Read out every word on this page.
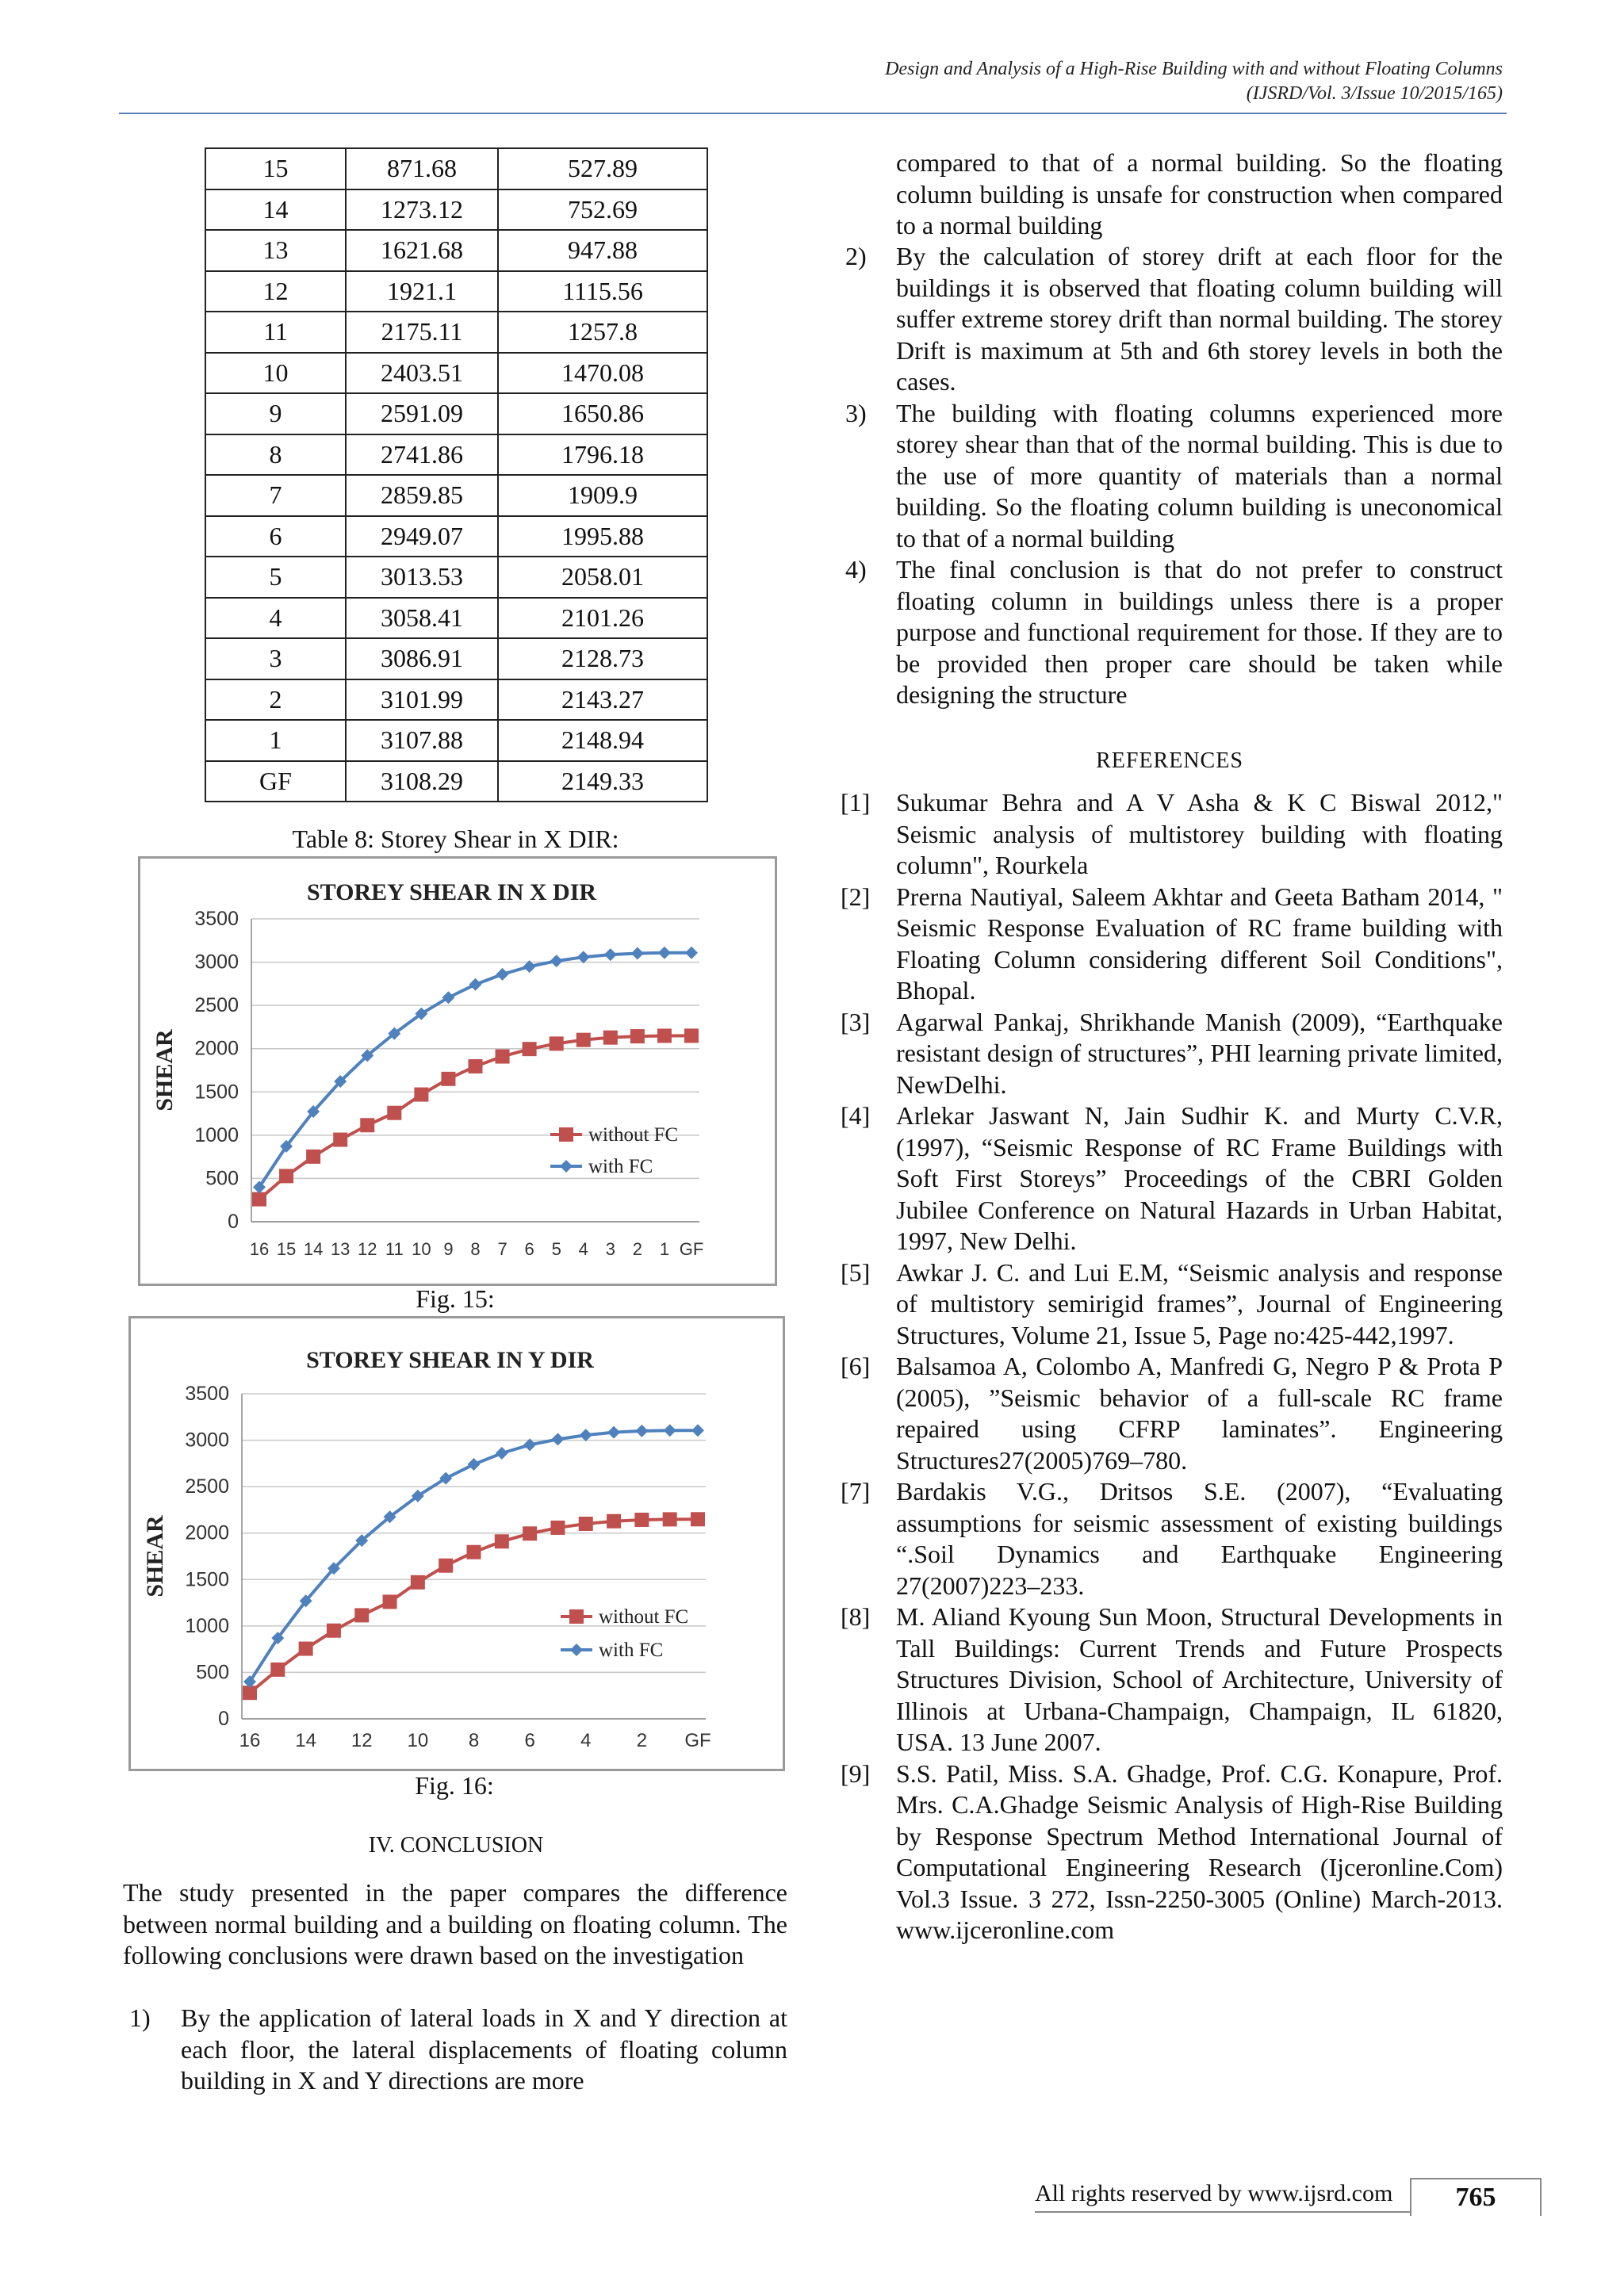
Design and Analysis of a High-Rise Building with and without Floating Columns
(IJSRD/Vol. 3/Issue 10/2015/165)
15	871.68	527.89
14	1273.12	752.69
13	1621.68	947.88
12	1921.1	1115.56
11	2175.11	1257.8
10	2403.51	1470.08
9	2591.09	1650.86
8	2741.86	1796.18
7	2859.85	1909.9
6	2949.07	1995.88
5	3013.53	2058.01
4	3058.41	2101.26
3	3086.91	2128.73
2	3101.99	2143.27
1	3107.88	2148.94
GF	3108.29	2149.33
Table 8: Storey Shear in X DIR:
STOREY SHEAR IN X DIR
SHEAR
0
500
1000
1500
2000
2500
3000
3500
16 15 14 13 12 11 10 9 8 7 6 5 4 3 2 1 GF
without FC
with FC
Fig. 15:
STOREY SHEAR IN Y DIR
SHEAR
0
500
1000
1500
2000
2500
3000
3500
16 14 12 10 8 6 4 2 GF
without FC
with FC
Fig. 16:
IV. CONCLUSION
The study presented in the paper compares the difference between normal building and a building on floating column. The following conclusions were drawn based on the investigation
1) By the application of lateral loads in X and Y direction at each floor, the lateral displacements of floating column building in X and Y directions are more
compared to that of a normal building. So the floating column building is unsafe for construction when compared to a normal building
2) By the calculation of storey drift at each floor for the buildings it is observed that floating column building will suffer extreme storey drift than normal building. The storey Drift is maximum at 5th and 6th storey levels in both the cases.
3) The building with floating columns experienced more storey shear than that of the normal building. This is due to the use of more quantity of materials than a normal building. So the floating column building is uneconomical to that of a normal building
4) The final conclusion is that do not prefer to construct floating column in buildings unless there is a proper purpose and functional requirement for those. If they are to be provided then proper care should be taken while designing the structure
REFERENCES
[1] Sukumar Behra and A V Asha & K C Biswal 2012," Seismic analysis of multistorey building with floating column", Rourkela
[2] Prerna Nautiyal, Saleem Akhtar and Geeta Batham 2014, " Seismic Response Evaluation of RC frame building with Floating Column considering different Soil Conditions", Bhopal.
[3] Agarwal Pankaj, Shrikhande Manish (2009), “Earthquake resistant design of structures”, PHI learning private limited, NewDelhi.
[4] Arlekar Jaswant N, Jain Sudhir K. and Murty C.V.R, (1997), “Seismic Response of RC Frame Buildings with Soft First Storeys” Proceedings of the CBRI Golden Jubilee Conference on Natural Hazards in Urban Habitat, 1997, New Delhi.
[5] Awkar J. C. and Lui E.M, “Seismic analysis and response of multistory semirigid frames”, Journal of Engineering Structures, Volume 21, Issue 5, Page no:425-442,1997.
[6] Balsamoa A, Colombo A, Manfredi G, Negro P & Prota P (2005), ”Seismic behavior of a full-scale RC frame repaired using CFRP laminates”. Engineering Structures27(2005)769–780.
[7] Bardakis V.G., Dritsos S.E. (2007), “Evaluating assumptions for seismic assessment of existing buildings “.Soil Dynamics and Earthquake Engineering 27(2007)223–233.
[8] M. Aliand Kyoung Sun Moon, Structural Developments in Tall Buildings: Current Trends and Future Prospects Structures Division, School of Architecture, University of Illinois at Urbana-Champaign, Champaign, IL 61820, USA. 13 June 2007.
[9] S.S. Patil, Miss. S.A. Ghadge, Prof. C.G. Konapure, Prof. Mrs. C.A.Ghadge Seismic Analysis of High-Rise Building by Response Spectrum Method International Journal of Computational Engineering Research (Ijceronline.Com) Vol.3 Issue. 3 272, Issn-2250-3005 (Online) March-2013. www.ijceronline.com
All rights reserved by www.ijsrd.com	765
